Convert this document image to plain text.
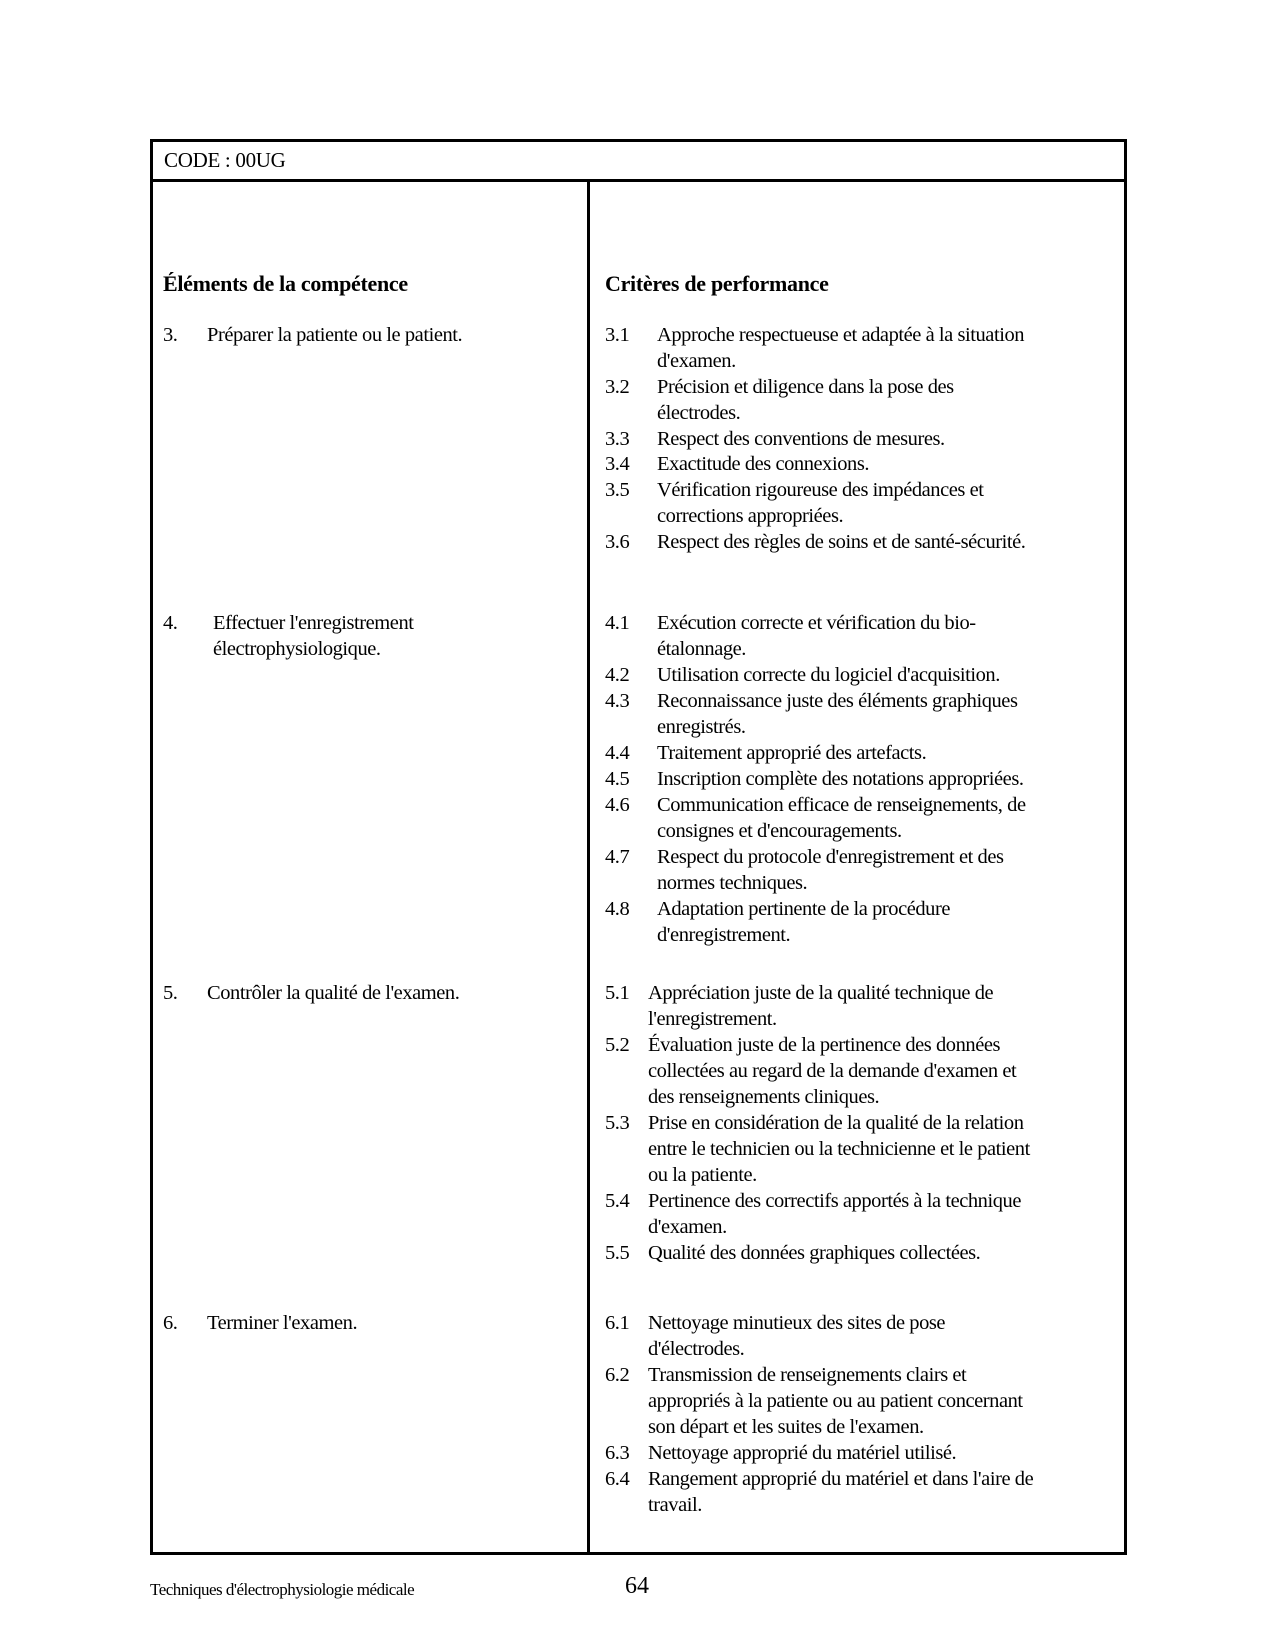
CODE : 00UG
Éléments de la compétence	Critères de performance
3. Préparer la patiente ou le patient.
4. Effectuer l'enregistrement
électrophysiologique.
5. Contrôler la qualité de l'examen.
6. Terminer l'examen.
3.1 Approche respectueuse et adaptée à la situation
d'examen.
3.2 Précision et diligence dans la pose des
électrodes.
3.3 Respect des conventions de mesures.
3.4 Exactitude des connexions.
3.5 Vérification rigoureuse des impédances et
corrections appropriées.
3.6 Respect des règles de soins et de santé-sécurité.
4.1 Exécution correcte et vérification du bio-
étalonnage.
4.2 Utilisation correcte du logiciel d'acquisition.
4.3 Reconnaissance juste des éléments graphiques
enregistrés.
4.4 Traitement approprié des artefacts.
4.5 Inscription complète des notations appropriées.
4.6 Communication efficace de renseignements, de
consignes et d'encouragements.
4.7 Respect du protocole d'enregistrement et des
normes techniques.
4.8 Adaptation pertinente de la procédure
d'enregistrement.
5.1 Appréciation juste de la qualité technique de
l'enregistrement.
5.2 Évaluation juste de la pertinence des données
collectées au regard de la demande d'examen et
des renseignements cliniques.
5.3 Prise en considération de la qualité de la relation
entre le technicien ou la technicienne et le patient
ou la patiente.
5.4 Pertinence des correctifs apportés à la technique
d'examen.
5.5 Qualité des données graphiques collectées.
6.1 Nettoyage minutieux des sites de pose
d'électrodes.
6.2 Transmission de renseignements clairs et
appropriés à la patiente ou au patient concernant
son départ et les suites de l'examen.
6.3 Nettoyage approprié du matériel utilisé.
6.4 Rangement approprié du matériel et dans l'aire de
travail.
Techniques d'électrophysiologie médicale	64
